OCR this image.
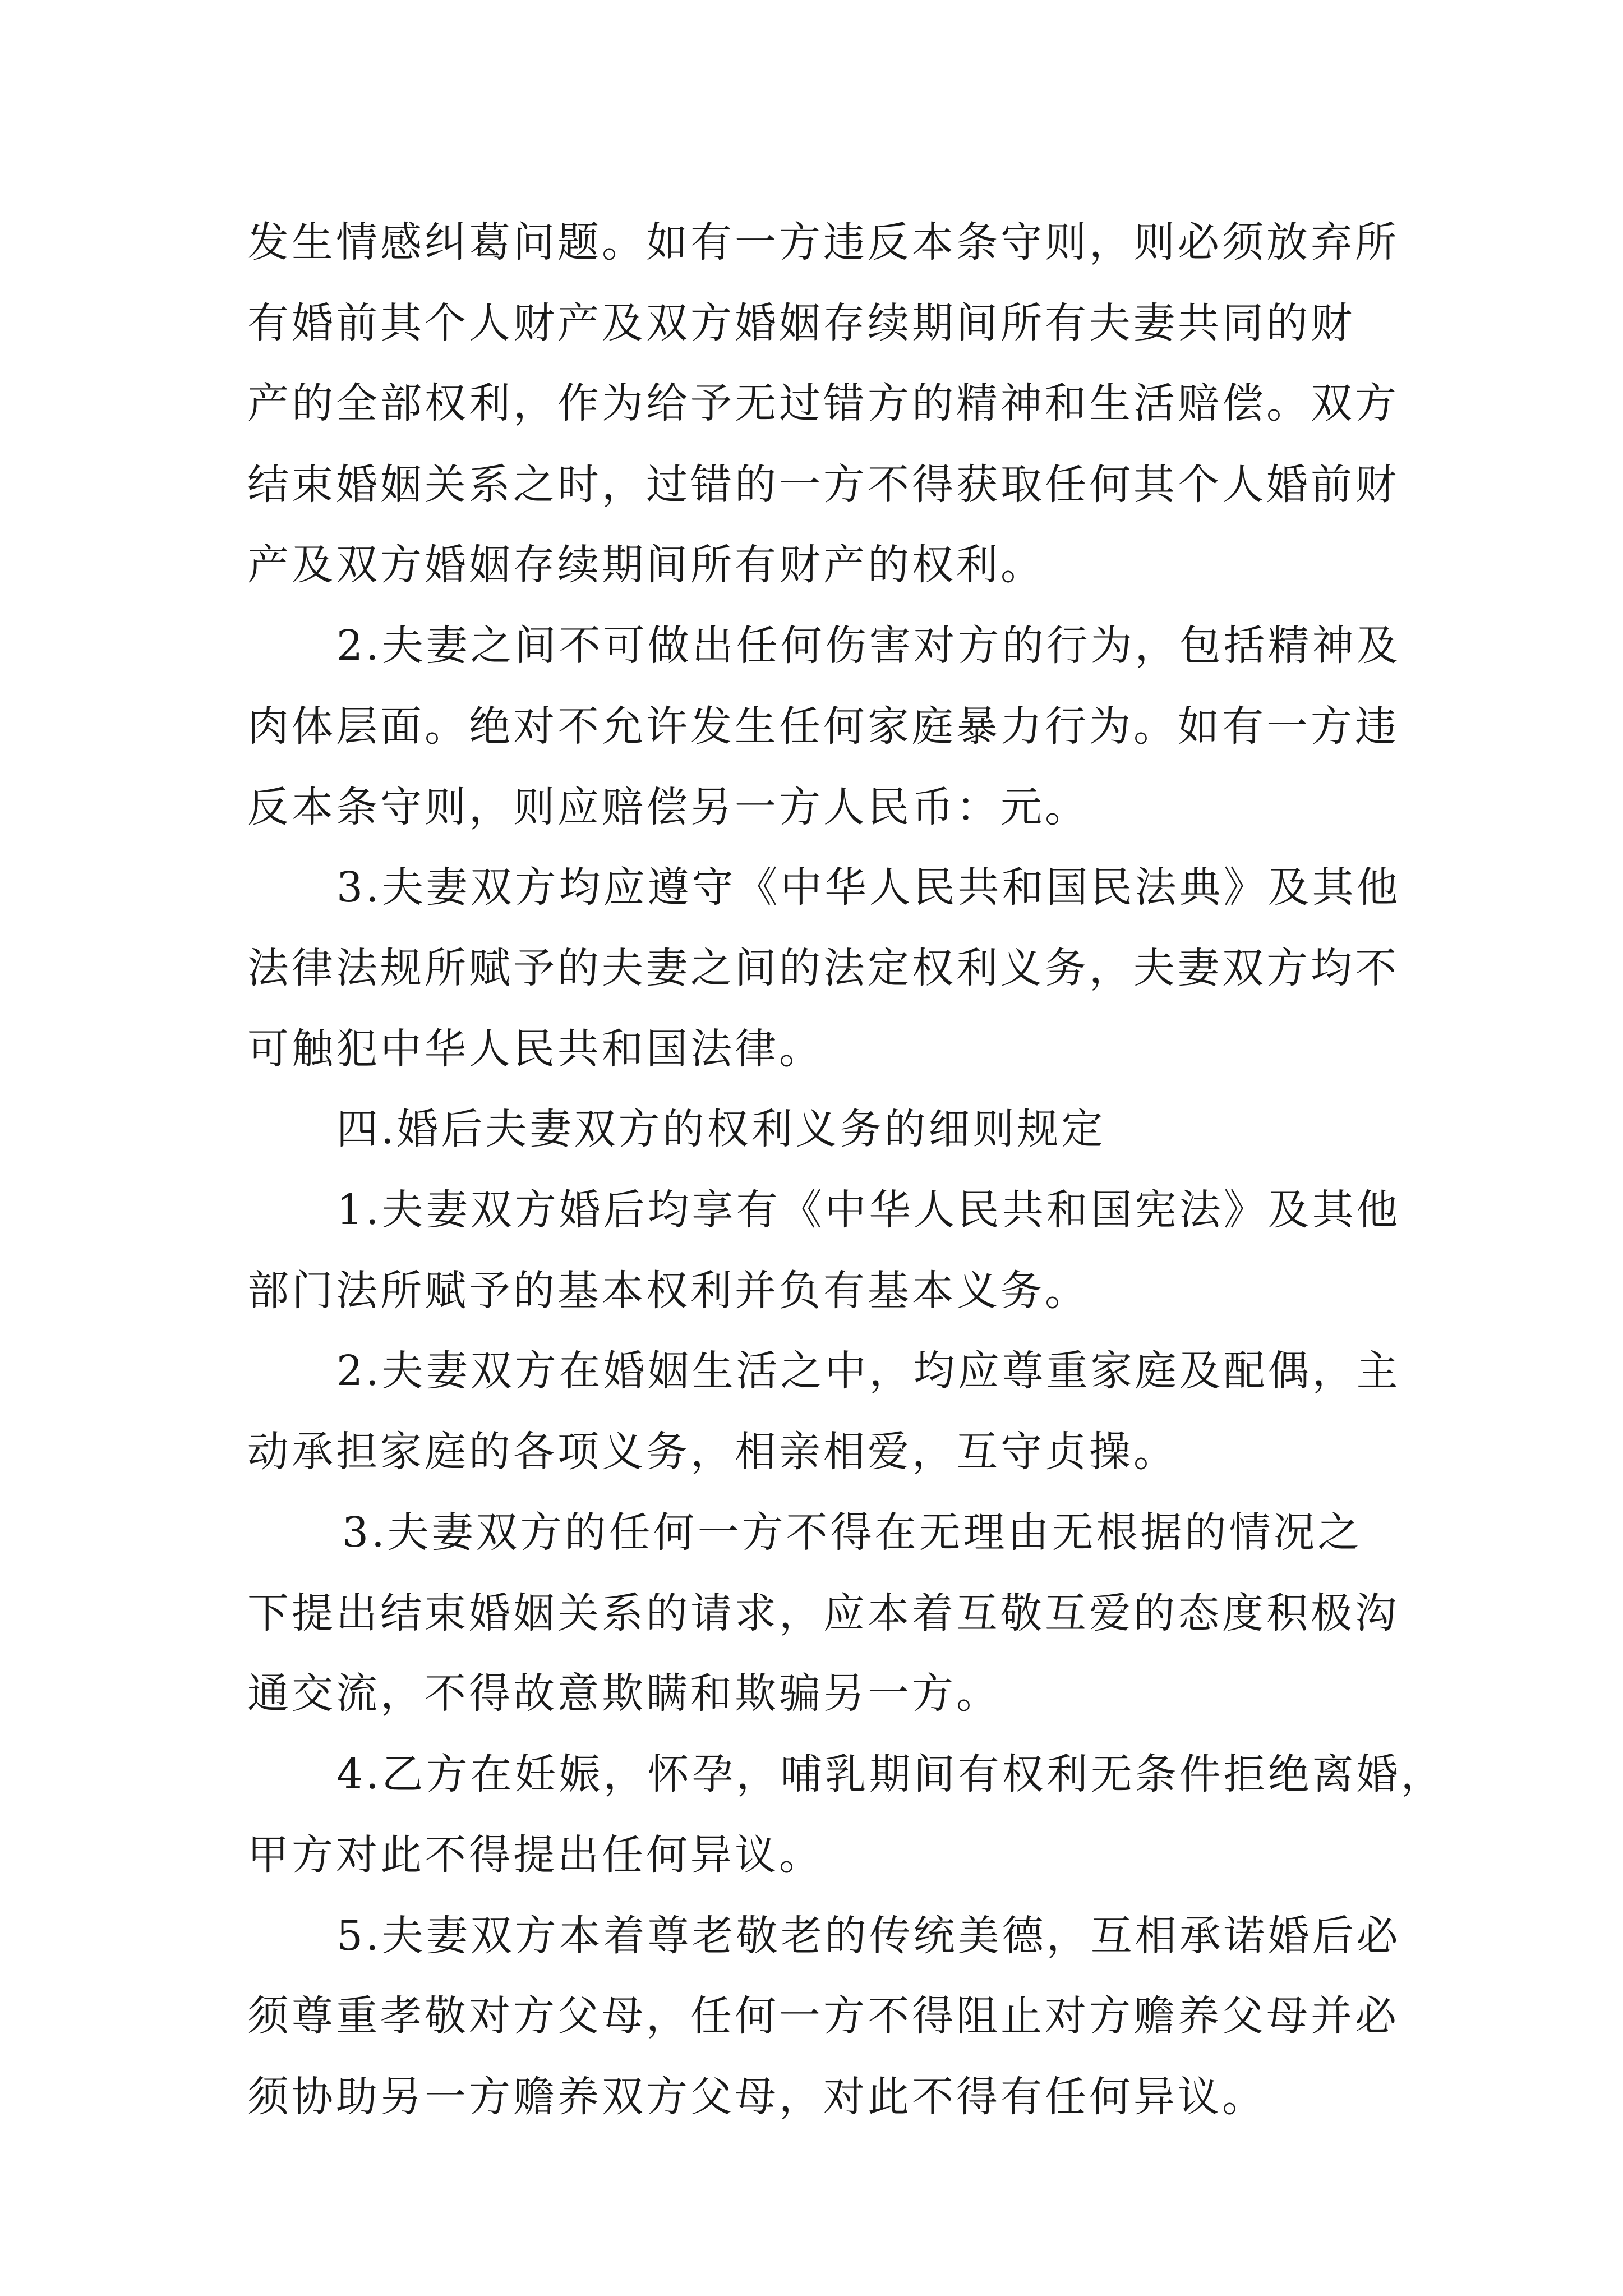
发生情感纠葛问题。如有一方违反本条守则，则必须放弃所

有婚前其个人财产及双方婚姻存续期间所有夫妻共同的财

产的全部权利，作为给予无过错方的精神和生活赔偿。双方

结束婚姻关系之时，过错的一方不得获取任何其个人婚前财

产及双方婚姻存续期间所有财产的权利。

2.夫妻之间不可做出任何伤害对方的行为，包括精神及

肉体层面。绝对不允许发生任何家庭暴力行为。如有一方违

反本条守则，则应赔偿另一方人民币：元。

3.夫妻双方均应遵守《中华人民共和国民法典》及其他

法律法规所赋予的夫妻之间的法定权利义务，夫妻双方均不

可触犯中华人民共和国法律。

四.婚后夫妻双方的权利义务的细则规定

1.夫妻双方婚后均享有《中华人民共和国宪法》及其他

部门法所赋予的基本权利并负有基本义务。

2.夫妻双方在婚姻生活之中，均应尊重家庭及配偶，主

动承担家庭的各项义务，相亲相爱，互守贞操。

3.夫妻双方的任何一方不得在无理由无根据的情况之

下提出结束婚姻关系的请求，应本着互敬互爱的态度积极沟

通交流，不得故意欺瞒和欺骗另一方。

4.乙方在妊娠，怀孕，哺乳期间有权利无条件拒绝离婚，

甲方对此不得提出任何异议。

5.夫妻双方本着尊老敬老的传统美德，互相承诺婚后必

须尊重孝敬对方父母，任何一方不得阻止对方赡养父母并必

须协助另一方赡养双方父母，对此不得有任何异议。
